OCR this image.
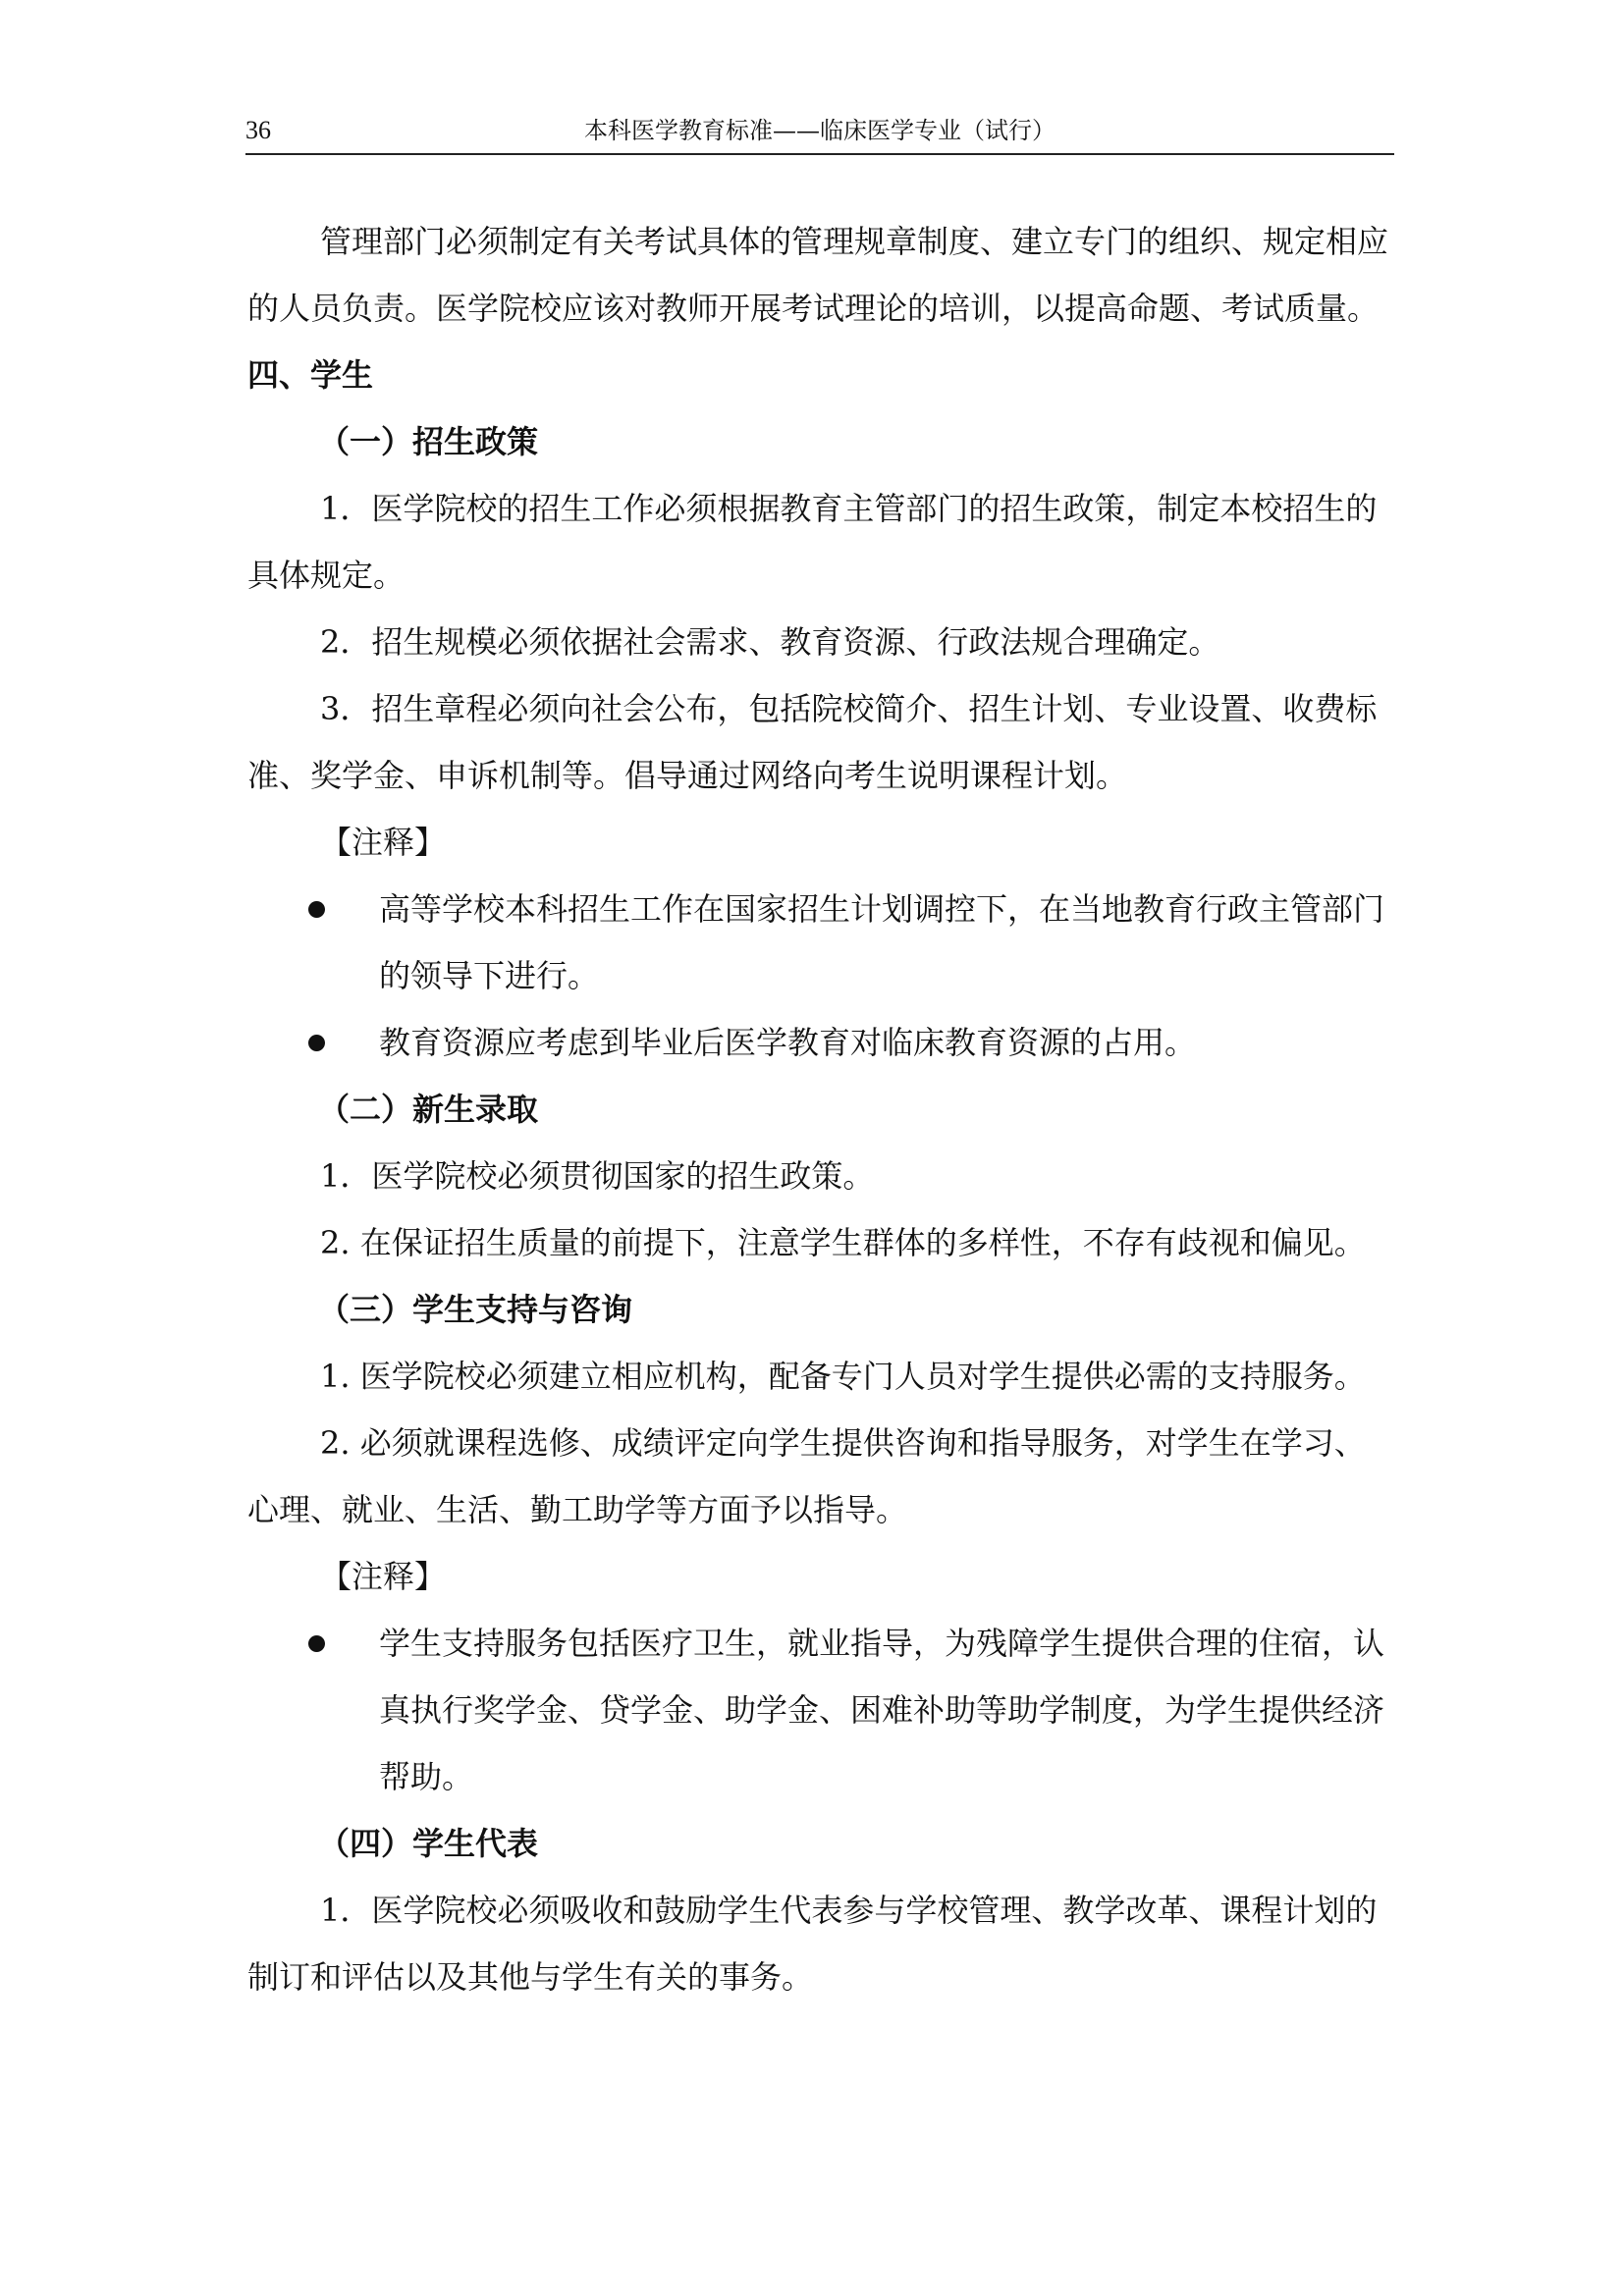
36	本科医学教育标准——临床医学专业（试行）

管理部门必须制定有关考试具体的管理规章制度、建立专门的组织、规定相应的人员负责。医学院校应该对教师开展考试理论的培训，以提高命题、考试质量。

四、学生

（一）招生政策

1．医学院校的招生工作必须根据教育主管部门的招生政策，制定本校招生的具体规定。

2．招生规模必须依据社会需求、教育资源、行政法规合理确定。

3．招生章程必须向社会公布，包括院校简介、招生计划、专业设置、收费标准、奖学金、申诉机制等。倡导通过网络向考生说明课程计划。

【注释】

高等学校本科招生工作在国家招生计划调控下，在当地教育行政主管部门的领导下进行。
教育资源应考虑到毕业后医学教育对临床教育资源的占用。

（二）新生录取

1．医学院校必须贯彻国家的招生政策。

2. 在保证招生质量的前提下，注意学生群体的多样性，不存有歧视和偏见。

（三）学生支持与咨询

1. 医学院校必须建立相应机构，配备专门人员对学生提供必需的支持服务。

2. 必须就课程选修、成绩评定向学生提供咨询和指导服务，对学生在学习、心理、就业、生活、勤工助学等方面予以指导。

【注释】

学生支持服务包括医疗卫生，就业指导，为残障学生提供合理的住宿，认真执行奖学金、贷学金、助学金、困难补助等助学制度，为学生提供经济帮助。

（四）学生代表

1．医学院校必须吸收和鼓励学生代表参与学校管理、教学改革、课程计划的制订和评估以及其他与学生有关的事务。
